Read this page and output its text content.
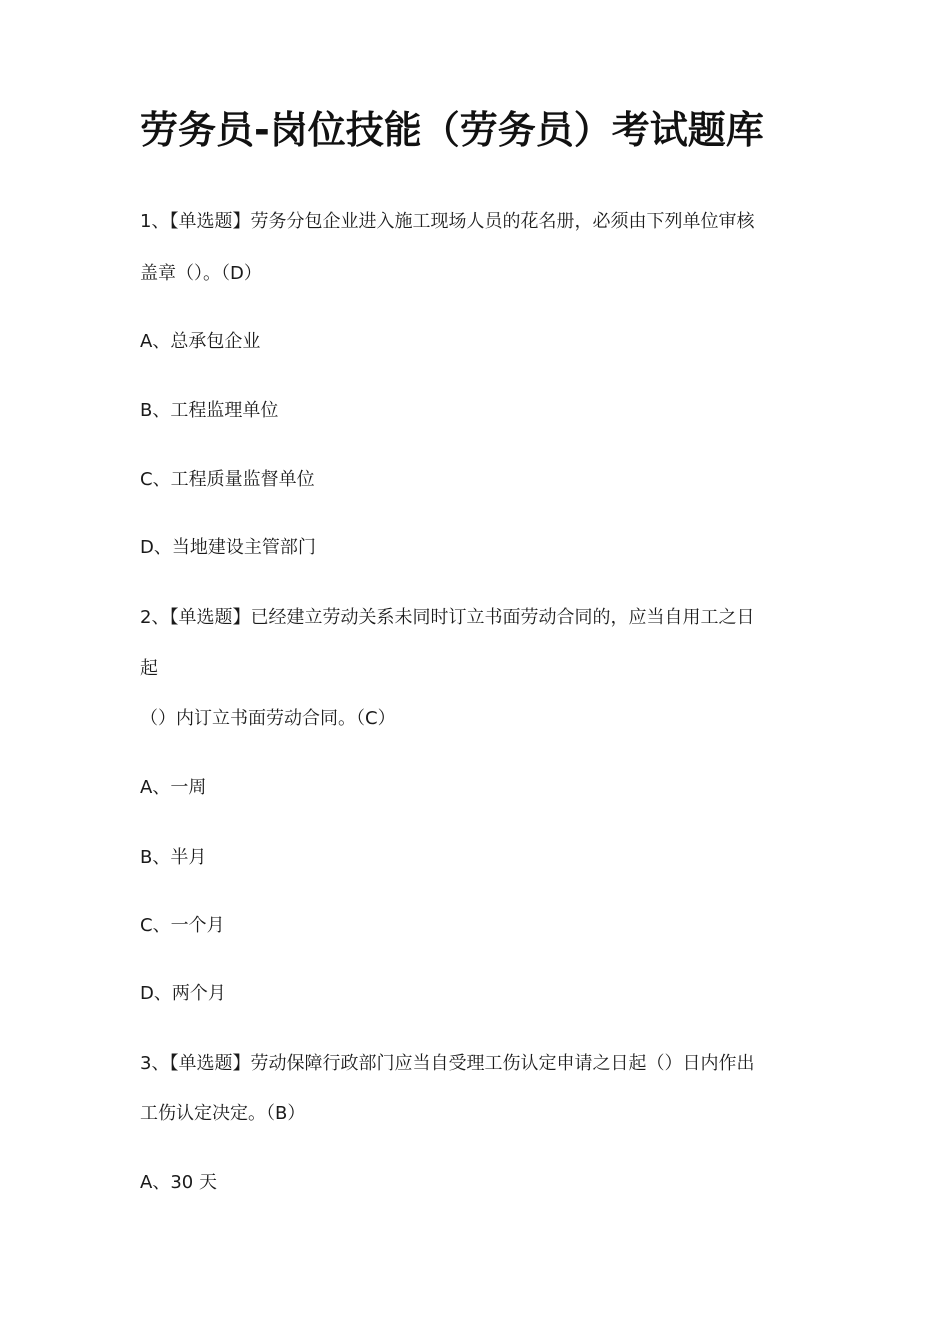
劳务员-岗位技能（劳务员）考试题库

1、【单选题】劳务分包企业进入施工现场人员的花名册，必须由下列单位审核

盖章（）。（D）

A、总承包企业

B、工程监理单位

C、工程质量监督单位

D、当地建设主管部门

2、【单选题】已经建立劳动关系未同时订立书面劳动合同的，应当自用工之日

起

（）内订立书面劳动合同。（C）

A、一周

B、半月

C、一个月

D、两个月

3、【单选题】劳动保障行政部门应当自受理工伤认定申请之日起（）日内作出

工伤认定决定。（B）

A、30 天
